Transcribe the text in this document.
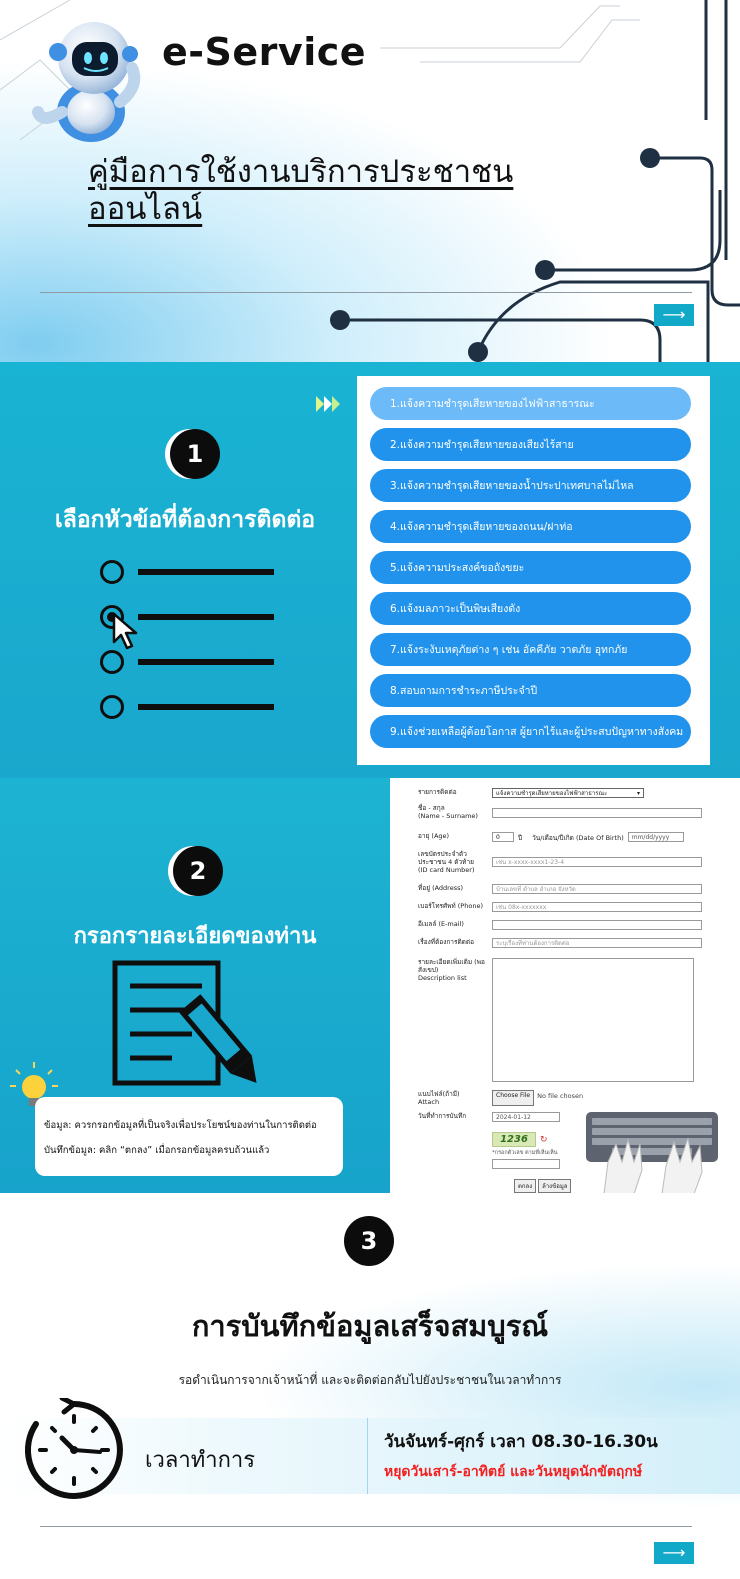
e-Service
คู่มือการใช้งานบริการประชาชน
ออนไลน์
⟶
1
เลือกหัวข้อที่ต้องการติดต่อ
1.แจ้งความชำรุดเสียหายของไฟฟ้าสาธารณะ
2.แจ้งความชำรุดเสียหายของเสียงไร้สาย
3.แจ้งความชำรุดเสียหายของน้ำประปาเทศบาลไม่ไหล
4.แจ้งความชำรุดเสียหายของถนน/ฝาท่อ
5.แจ้งความประสงค์ขอถังขยะ
6.แจ้งมลภาวะเป็นพิษเสียงดัง
7.แจ้งระงับเหตุภัยต่าง ๆ เช่น อัคคีภัย วาตภัย อุทกภัย
8.สอบถามการชำระภาษีประจำปี
9.แจ้งช่วยเหลือผู้ด้อยโอกาส ผู้ยากไร้และผู้ประสบปัญหาทางสังคม
2
กรอกรายละเอียดของท่าน
ข้อมูล: ควรกรอกข้อมูลที่เป็นจริงเพื่อประโยชน์ของท่านในการติดต่อ
บันทึกข้อมูล: คลิก “ตกลง” เมื่อกรอกข้อมูลครบถ้วนแล้ว
รายการติดต่อ	แจ้งความชำรุดเสียหายของไฟฟ้าสาธารณะ	▾
ชื่อ - สกุล
(Name - Surname)
อายุ (Age)	0	ปี วัน/เดือน/ปีเกิด (Date Of Birth)	mm/dd/yyyy
เลขบัตรประจำตัวประชาชน 4 ตัวท้าย
(ID card Number)
เช่น x-xxxx-xxxx1-23-4
ที่อยู่ (Address)	บ้านเลขที่ ตำบล อำเภอ จังหวัด
เบอร์โทรศัพท์ (Phone)	เช่น 08x-xxxxxxx
อีเมลล์ (E-mail)
เรื่องที่ต้องการติดต่อ	ระบุเรื่องที่ท่านต้องการติดต่อ
รายละเอียดเพิ่มเติม (พอสังเขป)
Description list
แนบไฟล์(ถ้ามี)
Attach
Choose File	No file chosen
วันที่ทำการบันทึก	2024-01-12
1236	↻
*กรอกตัวเลข ตามที่เห็นเห็น
ตกลง	ล้างข้อมูล
3
การบันทึกข้อมูลเสร็จสมบูรณ์
รอดำเนินการจากเจ้าหน้าที่ และจะติดต่อกลับไปยังประชาชนในเวลาทำการ
เวลาทำการ
วันจันทร์-ศุกร์ เวลา 08.30-16.30น
หยุดวันเสาร์-อาทิตย์ และวันหยุดนักขัตฤกษ์
⟶
